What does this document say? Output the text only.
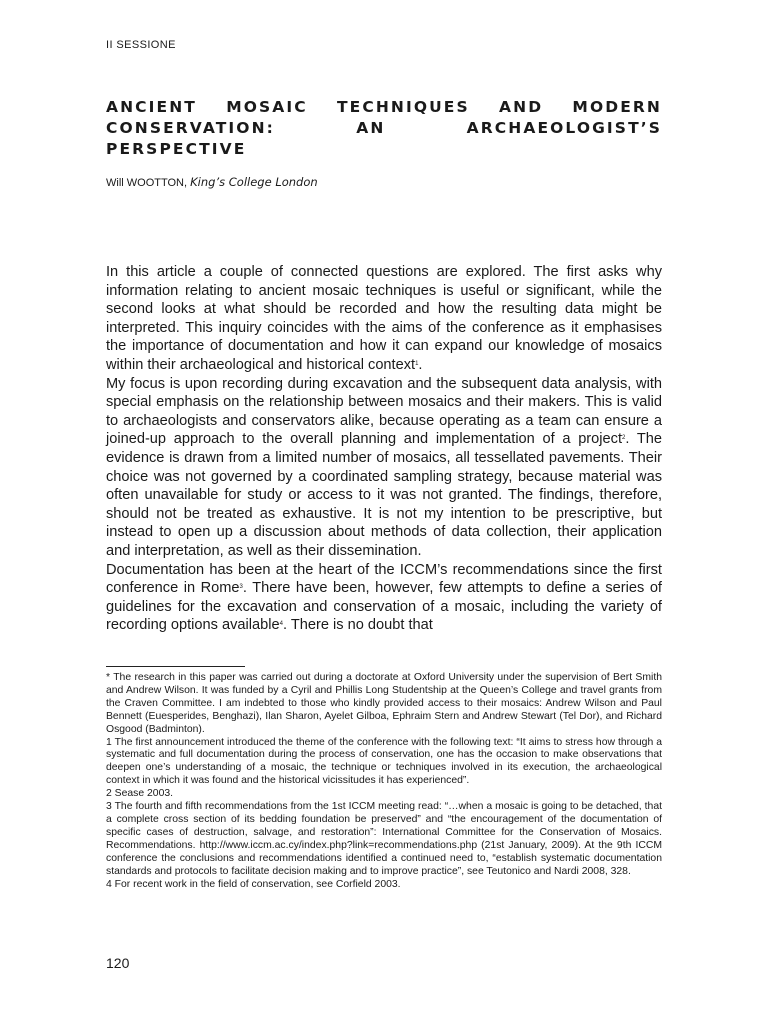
II SESSIONE
ANCIENT MOSAIC TECHNIQUES AND MODERN
CONSERVATION: AN ARCHAEOLOGIST’S PERSPECTIVE
Will WOOTTON, King’s College London

In this article a couple of connected questions are explored. The first asks why information relating to ancient mosaic techniques is useful or significant, while the second looks at what should be recorded and how the resulting data might be interpreted. This inquiry coincides with the aims of the conference as it emphasises the importance of documentation and how it can expand our knowledge of mosaics within their archaeological and historical context$^1$.

My focus is upon recording during excavation and the subsequent data analysis, with special emphasis on the relationship between mosaics and their makers. This is valid to archaeologists and conservators alike, because operating as a team can ensure a joined-up approach to the overall planning and implementation of a project$^2$. The evidence is drawn from a limited number of mosaics, all tessellated pavements. Their choice was not governed by a coordinated sampling strategy, because material was often unavailable for study or access to it was not granted. The findings, therefore, should not be treated as exhaustive. It is not my intention to be prescriptive, but instead to open up a discussion about methods of data collection, their application and interpretation, as well as their dissemination.

Documentation has been at the heart of the ICCM’s recommendations since the first conference in Rome$^3$. There have been, however, few attempts to define a series of guidelines for the excavation and conservation of a mosaic, including the variety of recording options available$^4$. There is no doubt that

* The research in this paper was carried out during a doctorate at Oxford University under the supervision of Bert Smith and Andrew Wilson. It was funded by a Cyril and Phillis Long Studentship at the Queen’s College and travel grants from the Craven Committee. I am indebted to those who kindly provided access to their mosaics: Andrew Wilson and Paul Bennett (Euesperides, Benghazi), Ilan Sharon, Ayelet Gilboa, Ephraim Stern and Andrew Stewart (Tel Dor), and Richard Osgood (Badminton).

1 The first announcement introduced the theme of the conference with the following text: “It aims to stress how through a systematic and full documentation during the process of conservation, one has the occasion to make observations that deepen one’s understanding of a mosaic, the technique or techniques involved in its execution, the archaeological context in which it was found and the historical vicissitudes it has experienced”.

2 Sease 2003.

3 The fourth and fifth recommendations from the 1st ICCM meeting read: “…when a mosaic is going to be detached, that a complete cross section of its bedding foundation be preserved” and “the encouragement of the documentation of specific cases of destruction, salvage, and restoration”: International Committee for the Conservation of Mosaics. Recommendations. http://www.iccm.ac.cy/index.php?link=recommendations.php (21st January, 2009). At the 9th ICCM conference the conclusions and recommendations identified a continued need to, “establish systematic documentation standards and protocols to facilitate decision making and to improve practice”, see Teutonico and Nardi 2008, 328.

4 For recent work in the field of conservation, see Corfield 2003.

120
